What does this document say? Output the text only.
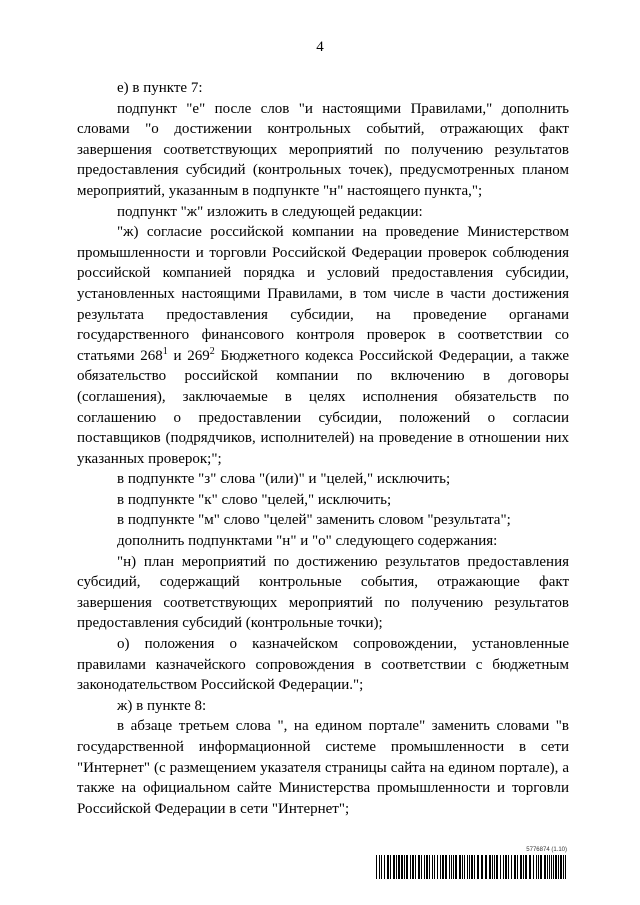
4

е) в пункте 7:

подпункт "е" после слов "и настоящими Правилами," дополнить словами "о достижении контрольных событий, отражающих факт завершения соответствующих мероприятий по получению результатов предоставления субсидий (контрольных точек), предусмотренных планом мероприятий, указанным в подпункте "н" настоящего пункта,";

подпункт "ж" изложить в следующей редакции:

"ж) согласие российской компании на проведение Министерством промышленности и торговли Российской Федерации проверок соблюдения российской компанией порядка и условий предоставления субсидии, установленных настоящими Правилами, в том числе в части достижения результата предоставления субсидии, на проведение органами государственного финансового контроля проверок в соответствии со статьями $268^1$ и $269^2$ Бюджетного кодекса Российской Федерации, а также обязательство российской компании по включению в договоры (соглашения), заключаемые в целях исполнения обязательств по соглашению о предоставлении субсидии, положений о согласии поставщиков (подрядчиков, исполнителей) на проведение в отношении них указанных проверок;";

в подпункте "з" слова "(или)" и "целей," исключить;

в подпункте "к" слово "целей," исключить;

в подпункте "м" слово "целей" заменить словом "результата";

дополнить подпунктами "н" и "о" следующего содержания:

"н) план мероприятий по достижению результатов предоставления субсидий, содержащий контрольные события, отражающие факт завершения соответствующих мероприятий по получению результатов предоставления субсидий (контрольные точки);

о) положения о казначейском сопровождении, установленные правилами казначейского сопровождения в соответствии с бюджетным законодательством Российской Федерации.";

ж) в пункте 8:

в абзаце третьем слова ", на едином портале" заменить словами "в государственной информационной системе промышленности в сети "Интернет" (с размещением указателя страницы сайта на едином портале), а также на официальном сайте Министерства промышленности и торговли Российской Федерации в сети "Интернет";

5776874 (1.10)
